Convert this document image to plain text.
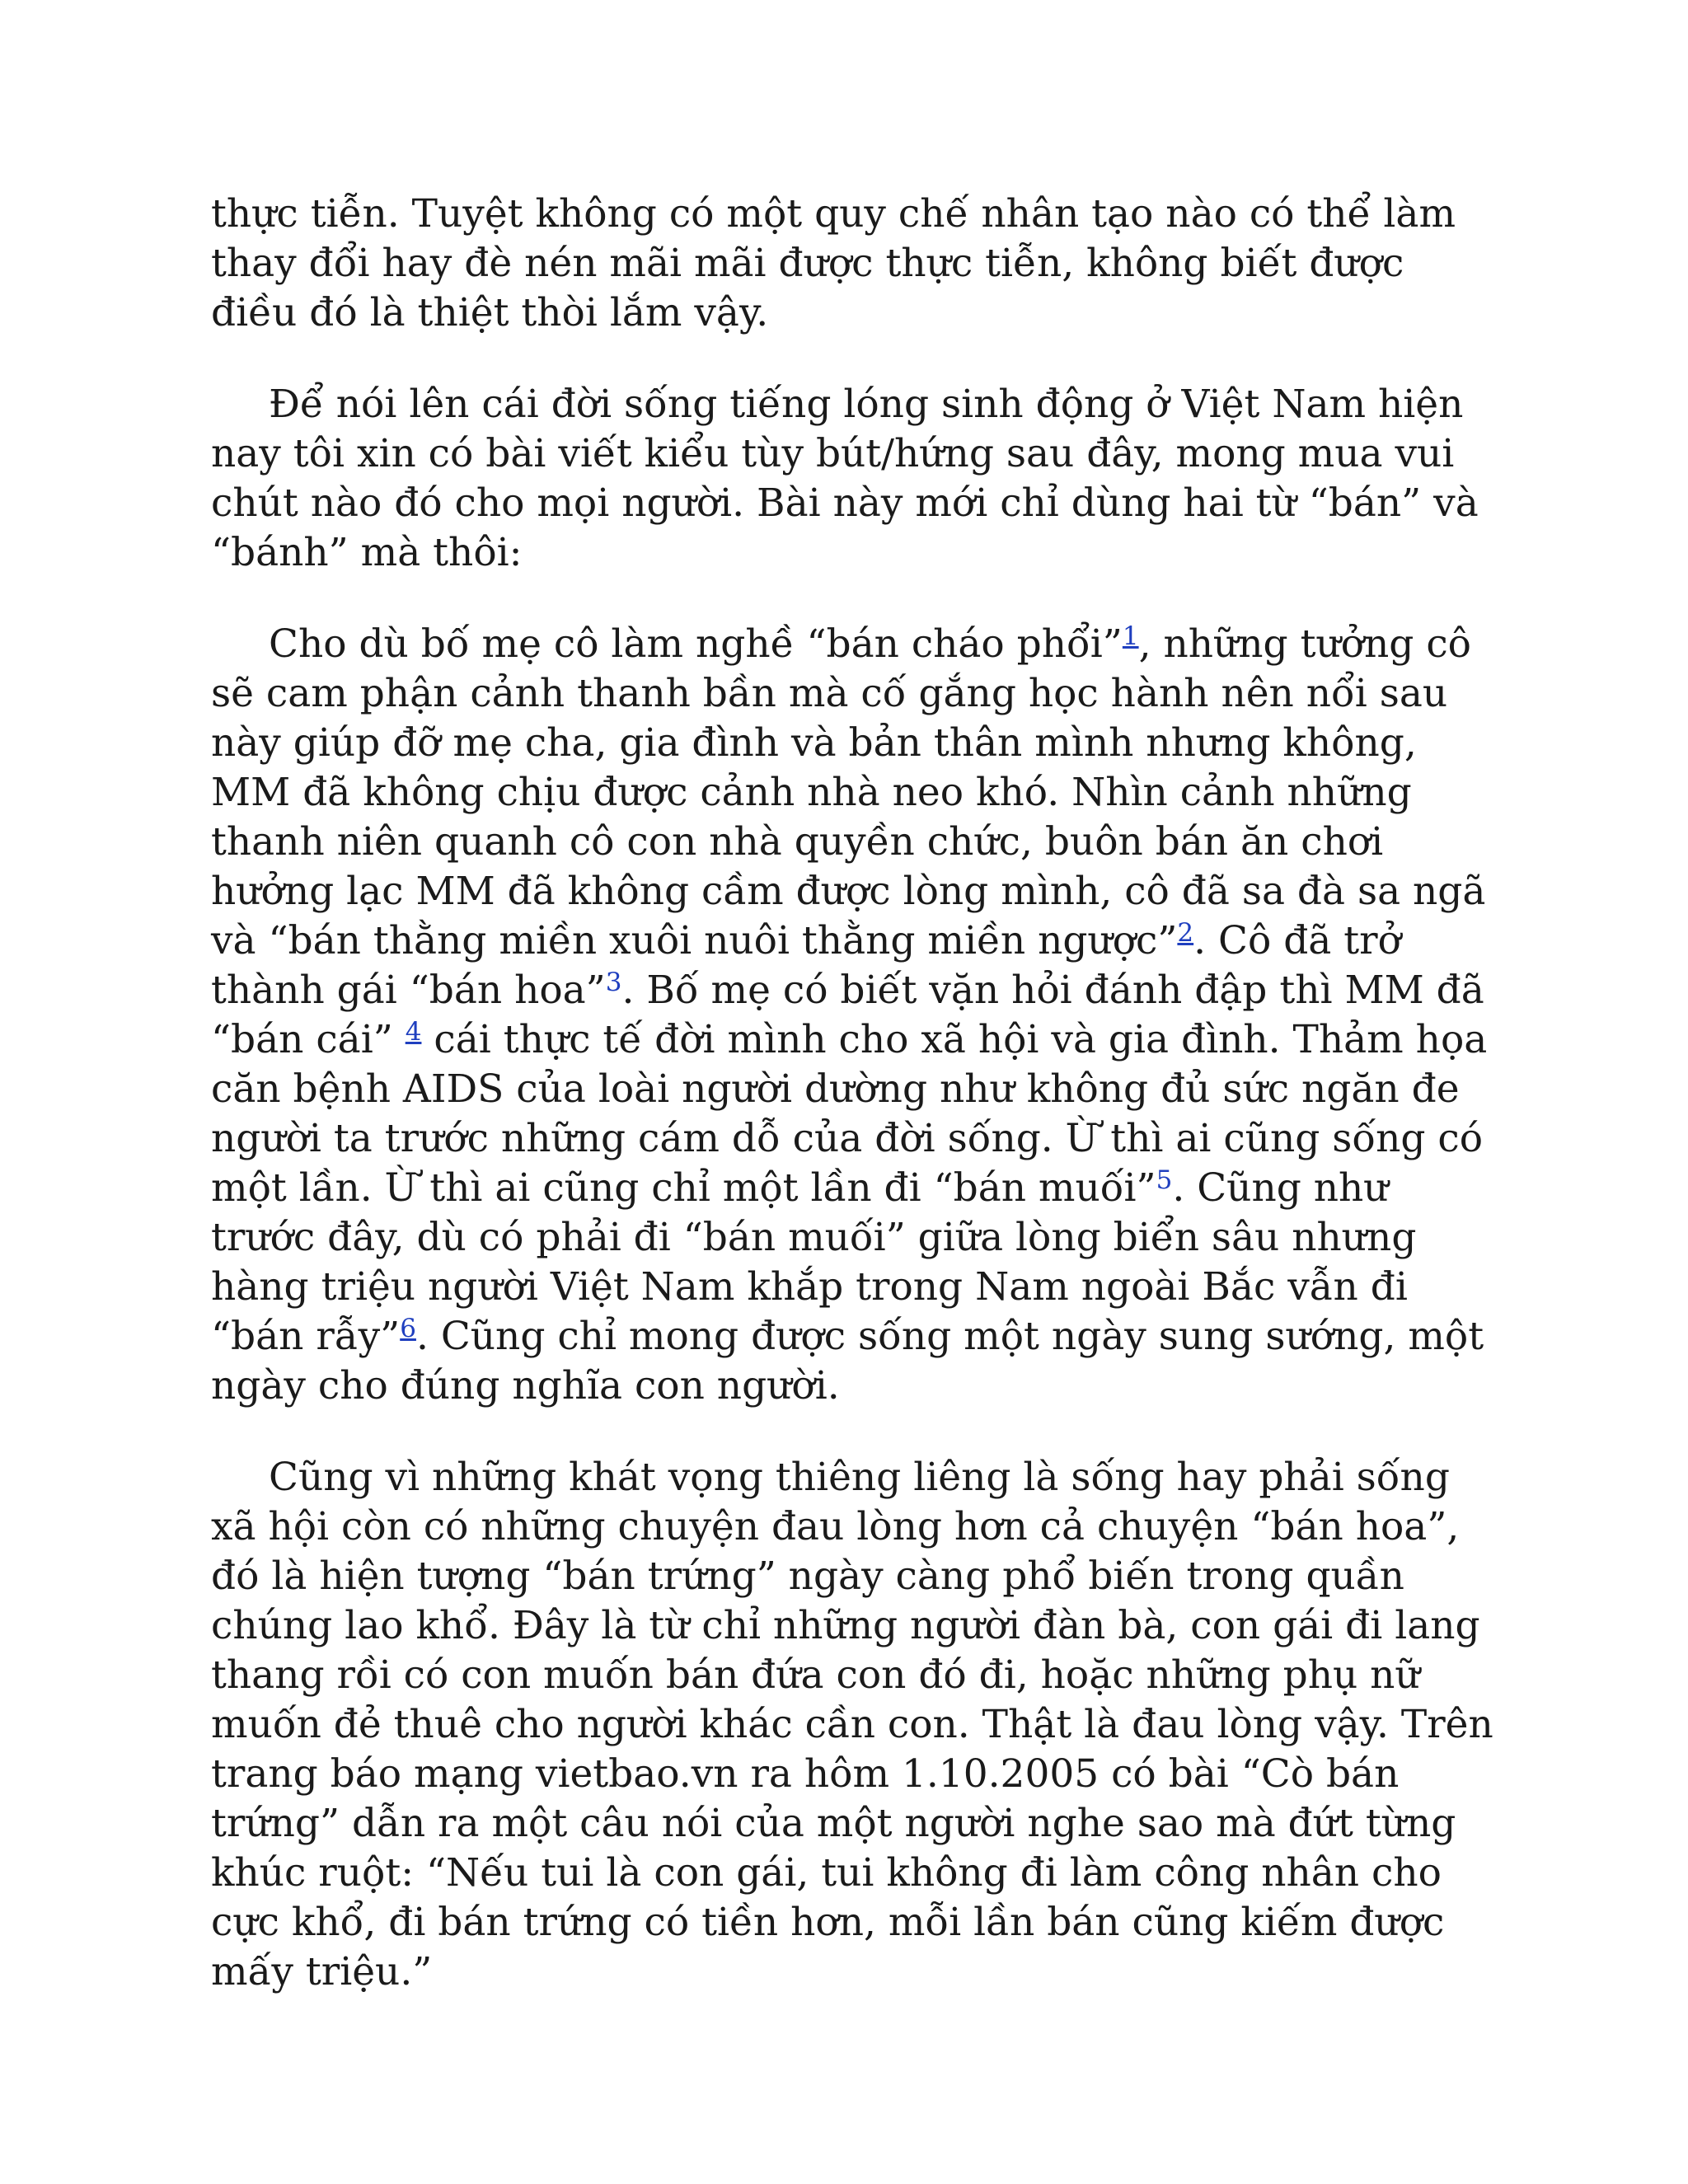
thực tiễn. Tuyệt không có một quy chế nhân tạo nào có thể làm thay đổi hay đè nén mãi mãi được thực tiễn, không biết được điều đó là thiệt thòi lắm vậy.

Để nói lên cái đời sống tiếng lóng sinh động ở Việt Nam hiện nay tôi xin có bài viết kiểu tùy bút/hứng sau đây, mong mua vui chút nào đó cho mọi người. Bài này mới chỉ dùng hai từ “bán” và “bánh” mà thôi:

Cho dù bố mẹ cô làm nghề “bán cháo phổi”$^1$, những tưởng cô sẽ cam phận cảnh thanh bần mà cố gắng học hành nên nổi sau này giúp đỡ mẹ cha, gia đình và bản thân mình nhưng không, MM đã không chịu được cảnh nhà neo khó. Nhìn cảnh những thanh niên quanh cô con nhà quyền chức, buôn bán ăn chơi hưởng lạc MM đã không cầm được lòng mình, cô đã sa đà sa ngã và “bán thằng miền xuôi nuôi thằng miền ngược”$^2$. Cô đã trở thành gái “bán hoa”$^3$. Bố mẹ có biết vặn hỏi đánh đập thì MM đã “bán cái” $^4$ cái thực tế đời mình cho xã hội và gia đình. Thảm họa căn bệnh AIDS của loài người dường như không đủ sức ngăn đe người ta trước những cám dỗ của đời sống. Ừ thì ai cũng sống có một lần. Ừ thì ai cũng chỉ một lần đi “bán muối”$^5$. Cũng như trước đây, dù có phải đi “bán muối” giữa lòng biển sâu nhưng hàng triệu người Việt Nam khắp trong Nam ngoài Bắc vẫn đi “bán rẫy”$^6$. Cũng chỉ mong được sống một ngày sung sướng, một ngày cho đúng nghĩa con người.

Cũng vì những khát vọng thiêng liêng là sống hay phải sống xã hội còn có những chuyện đau lòng hơn cả chuyện “bán hoa”, đó là hiện tượng “bán trứng” ngày càng phổ biến trong quần chúng lao khổ. Đây là từ chỉ những người đàn bà, con gái đi lang thang rồi có con muốn bán đứa con đó đi, hoặc những phụ nữ muốn đẻ thuê cho người khác cần con. Thật là đau lòng vậy. Trên trang báo mạng vietbao.vn ra hôm 1.10.2005 có bài “Cò bán trứng” dẫn ra một câu nói của một người nghe sao mà đứt từng khúc ruột: “Nếu tui là con gái, tui không đi làm công nhân cho cực khổ, đi bán trứng có tiền hơn, mỗi lần bán cũng kiếm được mấy triệu.”
